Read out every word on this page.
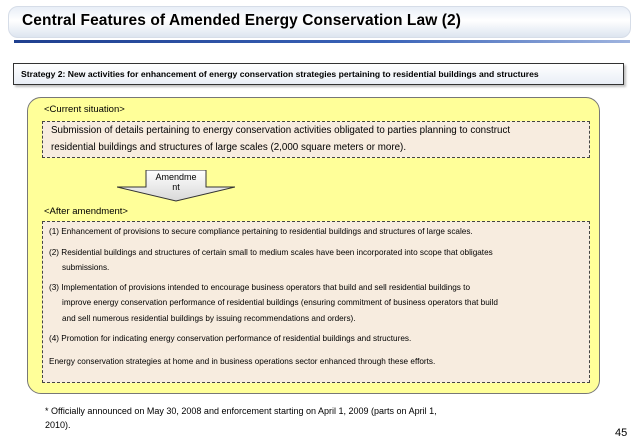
Central Features of Amended Energy Conservation Law (2)
Strategy 2: New activities for enhancement of energy conservation strategies pertaining to residential buildings and structures
<Current situation>
Submission of details pertaining to energy conservation activities obligated to parties planning to construct
residential buildings and structures of large scales (2,000 square meters or more).
Amendme
nt
<After amendment>
(1) Enhancement of provisions to secure compliance pertaining to residential buildings and structures of large scales.
(2) Residential buildings and structures of certain small to medium scales have been incorporated into scope that obligates
submissions.
(3) Implementation of provisions intended to encourage business operators that build and sell residential buildings to
improve energy conservation performance of residential buildings (ensuring commitment of business operators that build
and sell numerous residential buildings by issuing recommendations and orders).
(4) Promotion for indicating energy conservation performance of residential buildings and structures.
Energy conservation strategies at home and in business operations sector enhanced through these efforts.
* Officially announced on May 30, 2008 and enforcement starting on April 1, 2009 (parts on April 1,
2010).
45
